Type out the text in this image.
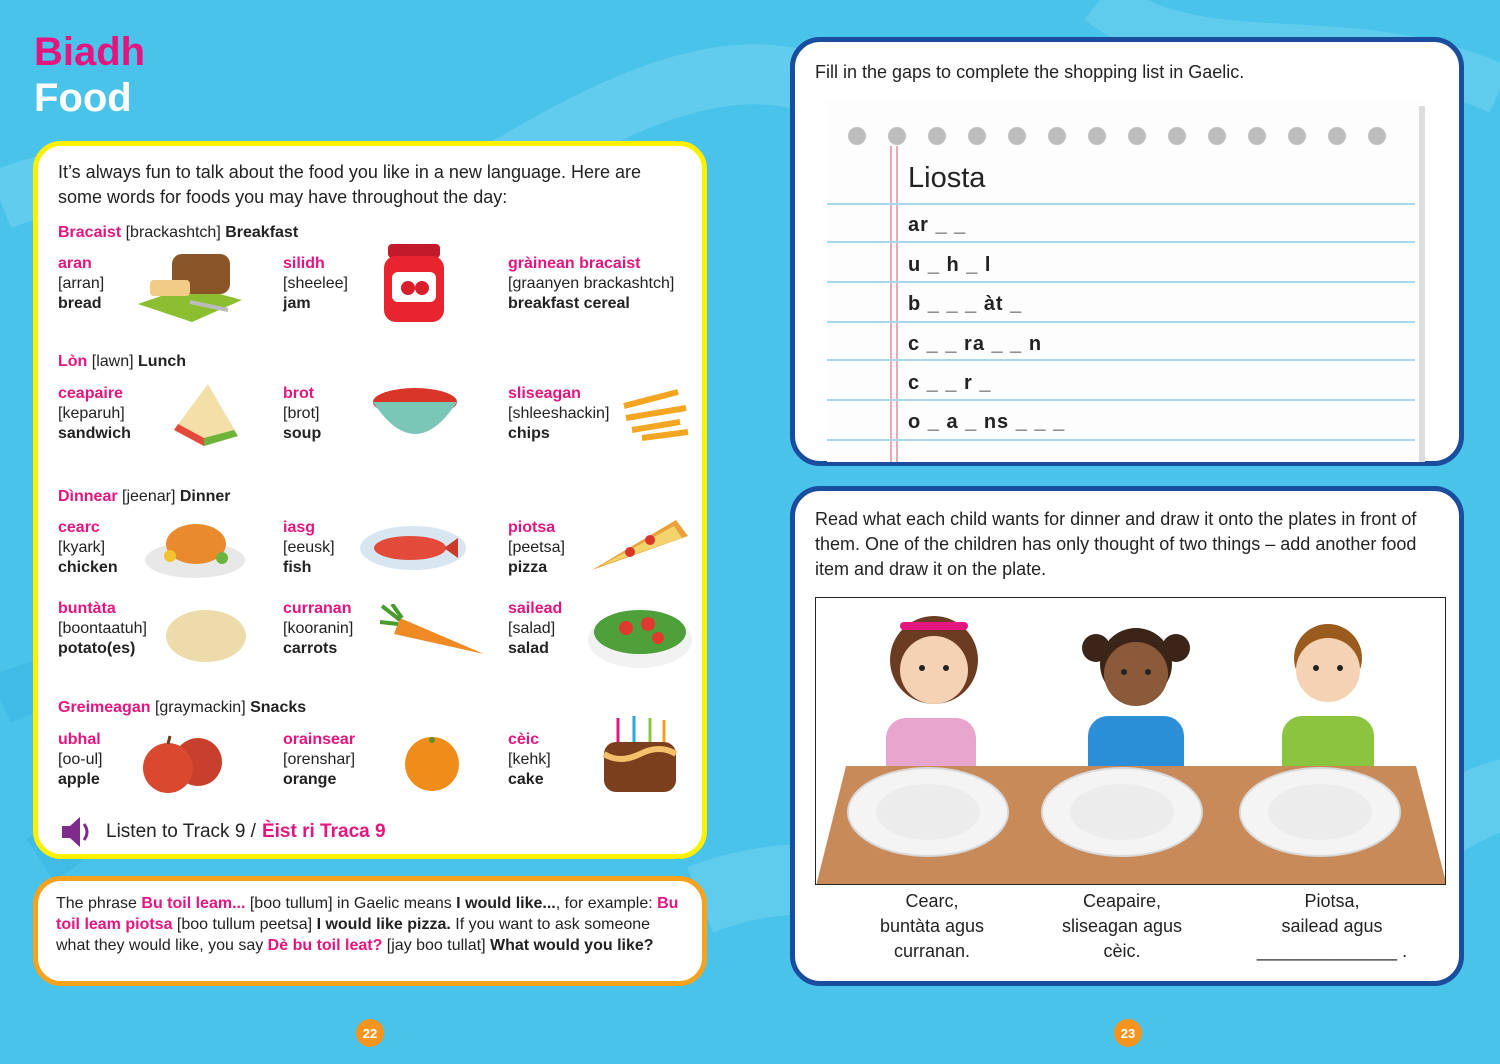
Biadh
Food
It’s always fun to talk about the food you like in a new language. Here are some words for foods you may have throughout the day:
Bracaist [brackashtch] Breakfast
aran
[arran]
bread
silidh
[sheelee]
jam
gràinean bracaist
[graanyen brackashtch]
breakfast cereal
Lòn [lawn] Lunch
ceapaire
[keparuh]
sandwich
brot
[brot]
soup
sliseagan
[shleeshackin]
chips
Dìnnear [jeenar] Dinner
cearc
[kyark]
chicken
iasg
[eeusk]
fish
piotsa
[peetsa]
pizza
buntàta
[boontaatuh]
potato(es)
curranan
[kooranin]
carrots
sailead
[salad]
salad
Greimeagan [graymackin] Snacks
ubhal
[oo-ul]
apple
orainsear
[orenshar]
orange
cèic
[kehk]
cake
Listen to Track 9 / Èist ri Traca 9
The phrase Bu toil leam... [boo tullum] in Gaelic means I would like..., for example: Bu toil leam piotsa [boo tullum peetsa] I would like pizza. If you want to ask someone what they would like, you say Dè bu toil leat? [jay boo tullat] What would you like?
Fill in the gaps to complete the shopping list in Gaelic.
Liosta
ar _ _
u _ h _ l
b _ _ _ àt _
c _ _ ra _ _ n
c _ _ r _
o _ a _ ns _ _ _
Read what each child wants for dinner and draw it onto the plates in front of them. One of the children has only thought of two things – add another food item and draw it on the plate.
Cearc,
buntàta agus
curranan.
Ceapaire,
sliseagan agus
cèic.
Piotsa,
sailead agus
______________ .
22	23
